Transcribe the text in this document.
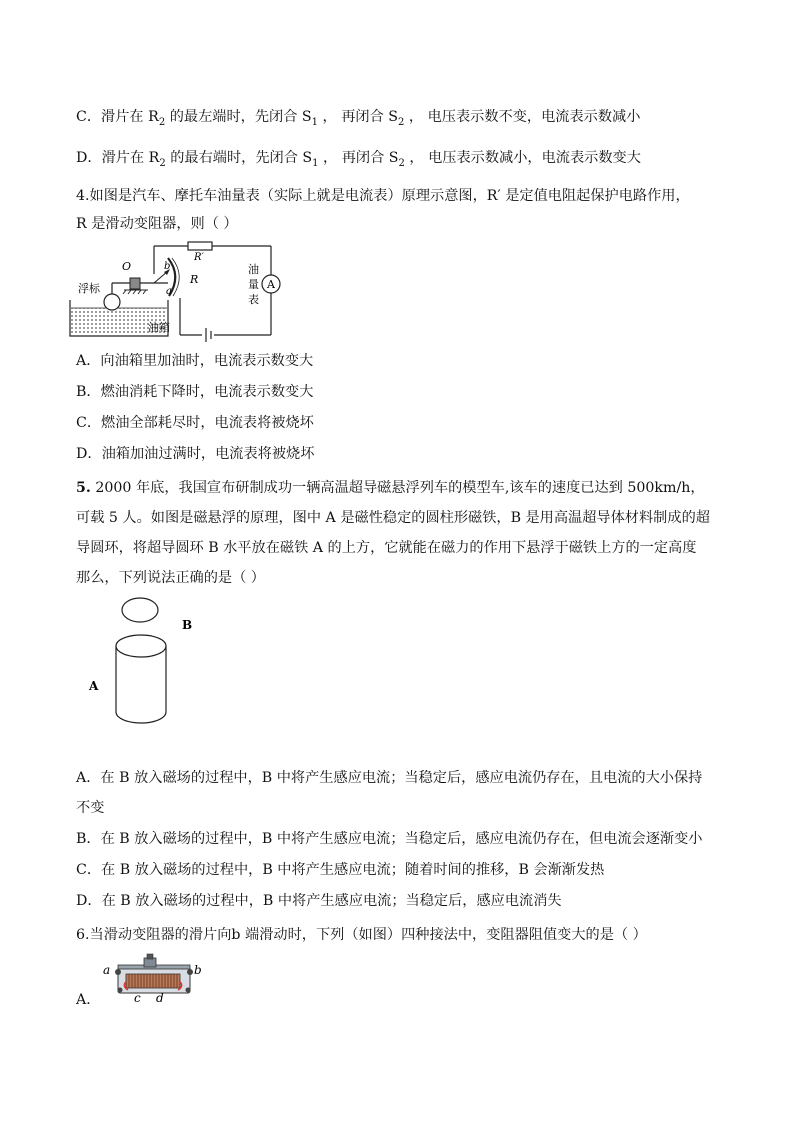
C．滑片在 $R_2$ 的最左端时，先闭合 $S_1$ ， 再闭合 $S_2$ ， 电压表示数不变，电流表示数减小
D．滑片在 $R_2$ 的最右端时，先闭合 $S_1$ ， 再闭合 $S_2$ ， 电压表示数减小，电流表示数变大
4.如图是汽车、摩托车油量表（实际上就是电流表）原理示意图，R′ 是定值电阻起保护电路作用，
R 是滑动变阻器，则（ ）
A
R′
O	b
a
R
浮标
油箱
油
量
表
A．向油箱里加油时，电流表示数变大
B．燃油消耗下降时，电流表示数变大
C．燃油全部耗尽时，电流表将被烧坏
D．油箱加油过满时，电流表将被烧坏
5. 2000 年底，我国宣布研制成功一辆高温超导磁悬浮列车的模型车,该车的速度已达到 500km/h，
可载 5 人。如图是磁悬浮的原理，图中 A 是磁性稳定的圆柱形磁铁，B 是用高温超导体材料制成的超
导圆环，将超导圆环 B 水平放在磁铁 A 的上方，它就能在磁力的作用下悬浮于磁铁上方的一定高度
那么，下列说法正确的是（ ）
B
A
A．在 B 放入磁场的过程中，B 中将产生感应电流；当稳定后，感应电流仍存在，且电流的大小保持
不变
B．在 B 放入磁场的过程中，B 中将产生感应电流；当稳定后，感应电流仍存在，但电流会逐渐变小
C．在 B 放入磁场的过程中，B 中将产生感应电流；随着时间的推移，B 会渐渐发热
D．在 B 放入磁场的过程中，B 中将产生感应电流；当稳定后，感应电流消失
6.当滑动变阻器的滑片向b 端滑动时，下列（如图）四种接法中，变阻器阻值变大的是（ ）
A．
a	b
c d
